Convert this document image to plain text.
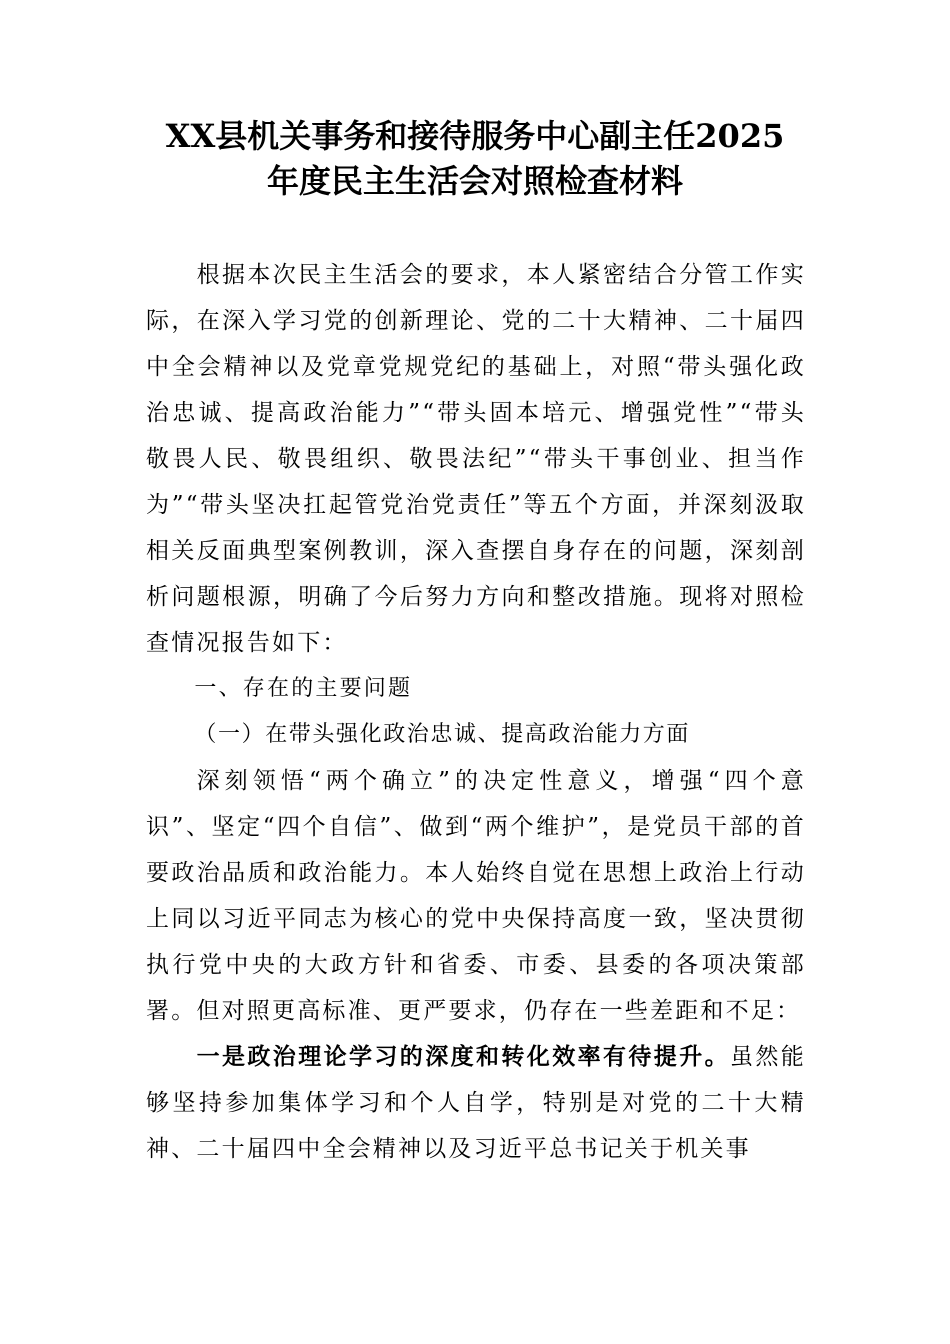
XX县机关事务和接待服务中心副主任2025
年度民主生活会对照检查材料

根据本次民主生活会的要求，本人紧密结合分管工作实际，在深入学习党的创新理论、党的二十大精神、二十届四中全会精神以及党章党规党纪的基础上，对照“带头强化政治忠诚、提高政治能力”“带头固本培元、增强党性”“带头敬畏人民、敬畏组织、敬畏法纪”“带头干事创业、担当作为”“带头坚决扛起管党治党责任”等五个方面，并深刻汲取相关反面典型案例教训，深入查摆自身存在的问题，深刻剖析问题根源，明确了今后努力方向和整改措施。现将对照检查情况报告如下：

一、存在的主要问题

（一）在带头强化政治忠诚、提高政治能力方面

深刻领悟“两个确立”的决定性意义，增强“四个意识”、坚定“四个自信”、做到“两个维护”，是党员干部的首要政治品质和政治能力。本人始终自觉在思想上政治上行动上同以习近平同志为核心的党中央保持高度一致，坚决贯彻执行党中央的大政方针和省委、市委、县委的各项决策部署。但对照更高标准、更严要求，仍存在一些差距和不足：

一是政治理论学习的深度和转化效率有待提升。虽然能够坚持参加集体学习和个人自学，特别是对党的二十大精神、二十届四中全会精神以及习近平总书记关于机关事
